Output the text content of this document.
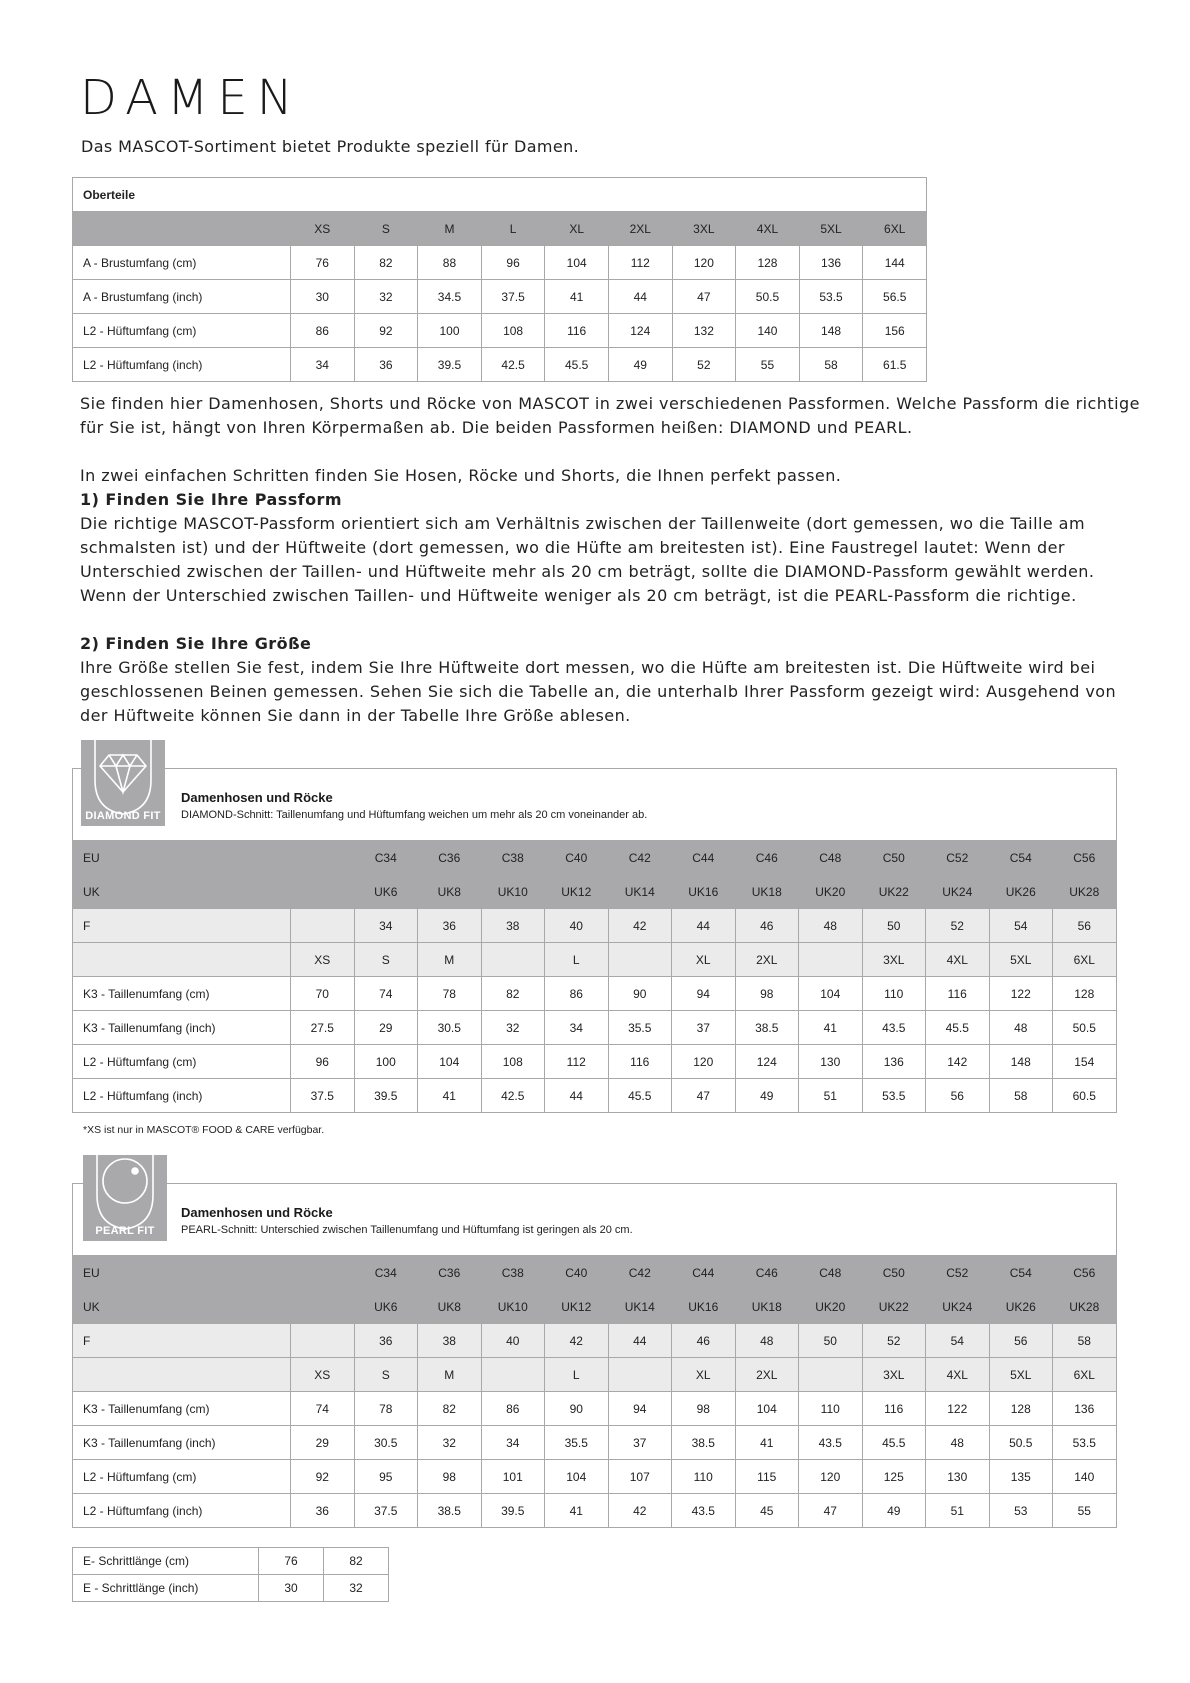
DAMEN
Das MASCOT-Sortiment bietet Produkte speziell für Damen.
Oberteile										
	XS	S	M	L	XL	2XL	3XL	4XL	5XL	6XL
A - Brustumfang (cm)	76	82	88	96	104	112	120	128	136	144
A - Brustumfang (inch)	30	32	34.5	37.5	41	44	47	50.5	53.5	56.5
L2 - Hüftumfang (cm)	86	92	100	108	116	124	132	140	148	156
L2 - Hüftumfang (inch)	34	36	39.5	42.5	45.5	49	52	55	58	61.5

Sie finden hier Damenhosen, Shorts und Röcke von MASCOT in zwei verschiedenen Passformen. Welche Passform die richtige für Sie ist, hängt von Ihren Körpermaßen ab. Die beiden Passformen heißen: DIAMOND und PEARL.

In zwei einfachen Schritten finden Sie Hosen, Röcke und Shorts, die Ihnen perfekt passen.

1) Finden Sie Ihre Passform

Die richtige MASCOT-Passform orientiert sich am Verhältnis zwischen der Taillenweite (dort gemessen, wo die Taille am schmalsten ist) und der Hüftweite (dort gemessen, wo die Hüfte am breitesten ist). Eine Faustregel lautet: Wenn der Unterschied zwischen der Taillen- und Hüftweite mehr als 20 cm beträgt, sollte die DIAMOND-Passform gewählt werden. Wenn der Unterschied zwischen Taillen- und Hüftweite weniger als 20 cm beträgt, ist die PEARL-Passform die richtige.

2) Finden Sie Ihre Größe

Ihre Größe stellen Sie fest, indem Sie Ihre Hüftweite dort messen, wo die Hüfte am breitesten ist. Die Hüftweite wird bei geschlossenen Beinen gemessen. Sehen Sie sich die Tabelle an, die unterhalb Ihrer Passform gezeigt wird: Ausgehend von der Hüftweite können Sie dann in der Tabelle Ihre Größe ablesen.

Damenhosen und Röcke
DIAMOND-Schnitt: Taillenumfang und Hüftumfang weichen um mehr als 20 cm voneinander ab.
DIAMOND FIT
EU		C34	C36	C38	C40	C42	C44	C46	C48	C50	C52	C54	C56
UK		UK6	UK8	UK10	UK12	UK14	UK16	UK18	UK20	UK22	UK24	UK26	UK28
F		34	36	38	40	42	44	46	48	50	52	54	56
	XS	S	M		L		XL	2XL		3XL	4XL	5XL	6XL
K3 - Taillenumfang (cm)	70	74	78	82	86	90	94	98	104	110	116	122	128
K3 - Taillenumfang (inch)	27.5	29	30.5	32	34	35.5	37	38.5	41	43.5	45.5	48	50.5
L2 - Hüftumfang (cm)	96	100	104	108	112	116	120	124	130	136	142	148	154
L2 - Hüftumfang (inch)	37.5	39.5	41	42.5	44	45.5	47	49	51	53.5	56	58	60.5
*XS ist nur in MASCOT® FOOD & CARE verfügbar.
Damenhosen und Röcke
PEARL-Schnitt: Unterschied zwischen Taillenumfang und Hüftumfang ist geringen als 20 cm.
PEARL FIT
EU		C34	C36	C38	C40	C42	C44	C46	C48	C50	C52	C54	C56
UK		UK6	UK8	UK10	UK12	UK14	UK16	UK18	UK20	UK22	UK24	UK26	UK28
F		36	38	40	42	44	46	48	50	52	54	56	58
	XS	S	M		L		XL	2XL		3XL	4XL	5XL	6XL
K3 - Taillenumfang (cm)	74	78	82	86	90	94	98	104	110	116	122	128	136
K3 - Taillenumfang (inch)	29	30.5	32	34	35.5	37	38.5	41	43.5	45.5	48	50.5	53.5
L2 - Hüftumfang (cm)	92	95	98	101	104	107	110	115	120	125	130	135	140
L2 - Hüftumfang (inch)	36	37.5	38.5	39.5	41	42	43.5	45	47	49	51	53	55
E- Schrittlänge (cm)	76	82
E - Schrittlänge (inch)	30	32
